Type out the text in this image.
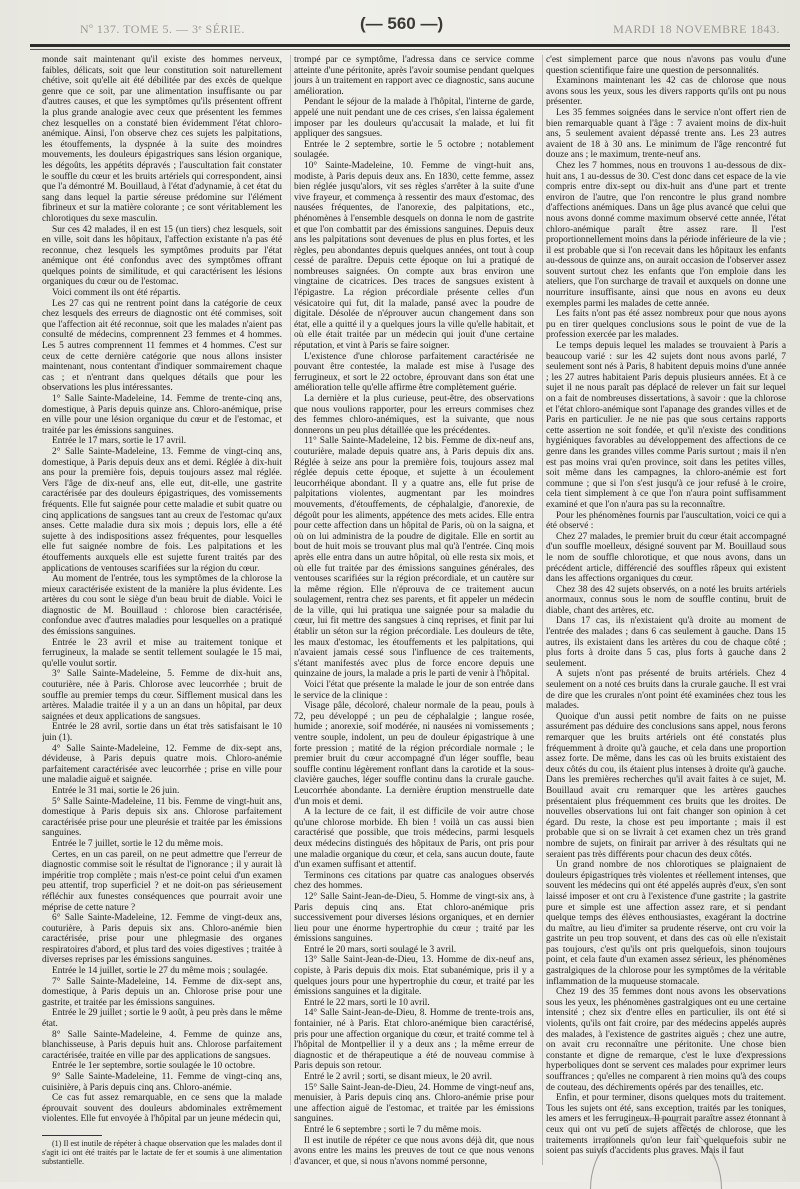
Nº 137. TOME 5. — 3ᵉ SÉRIE.	(— 560 —)	MARDI 18 NOVEMBRE 1843.

monde sait maintenant qu'il existe des hommes nerveux, faibles, délicats, soit que leur constitution soit naturellement chétive, soit qu'elle ait été débilitée par des excès de quelque genre que ce soit, par une alimentation insuffisante ou par d'autres causes, et que les symptômes qu'ils présentent offrent la plus grande analogie avec ceux que présentent les femmes chez lesquelles on a constaté bien évidemment l'état chloro-anémique. Ainsi, l'on observe chez ces sujets les palpitations, les étouffements, la dyspnée à la suite des moindres mouvements, les douleurs épigastriques sans lésion organique, les dégoûts, les appétits dépravés ; l'auscultation fait constater le souffle du cœur et les bruits artériels qui correspondent, ainsi que l'a démontré M. Bouillaud, à l'état d'adynamie, à cet état du sang dans lequel la partie séreuse prédomine sur l'élément fibrineux et sur la matière colorante ; ce sont véritablement les chlorotiques du sexe masculin.

Sur ces 42 malades, il en est 15 (un tiers) chez lesquels, soit en ville, soit dans les hôpitaux, l'affection existante n'a pas été reconnue, chez lesquels les symptômes produits par l'état anémique ont été confondus avec des symptômes offrant quelques points de similitude, et qui caractérisent les lésions organiques du cœur ou de l'estomac.

Voici comment ils ont été répartis.

Les 27 cas qui ne rentrent point dans la catégorie de ceux chez lesquels des erreurs de diagnostic ont été commises, soit que l'affection ait été reconnue, soit que les malades n'aient pas consulté de médecins, comprennent 23 femmes et 4 hommes. Les 5 autres comprennent 11 femmes et 4 hommes. C'est sur ceux de cette dernière catégorie que nous allons insister maintenant, nous contentant d'indiquer sommairement chaque cas ; et n'entrant dans quelques détails que pour les observations les plus intéressantes.

1° Salle Sainte-Madeleine, 14. Femme de trente-cinq ans, domestique, à Paris depuis quinze ans. Chloro-anémique, prise en ville pour une lésion organique du cœur et de l'estomac, et traitée par les émissions sanguines.

Entrée le 17 mars, sortie le 17 avril.

2° Salle Sainte-Madeleine, 13. Femme de vingt-cinq ans, domestique, à Paris depuis deux ans et demi. Réglée à dix-huit ans pour la première fois, depuis toujours assez mal réglée. Vers l'âge de dix-neuf ans, elle eut, dit-elle, une gastrite caractérisée par des douleurs épigastriques, des vomissements fréquents. Elle fut saignée pour cette maladie et subit quatre ou cinq applications de sangsues tant au creux de l'estomac qu'aux anses. Cette maladie dura six mois ; depuis lors, elle a été sujette à des indispositions assez fréquentes, pour lesquelles elle fut saignée nombre de fois. Les palpitations et les étouffements auxquels elle est sujette furent traités par des applications de ventouses scarifiées sur la région du cœur.

Au moment de l'entrée, tous les symptômes de la chlorose la mieux caractérisée existent de la manière la plus évidente. Les artères du cou sont le siège d'un beau bruit de diable. Voici le diagnostic de M. Bouillaud : chlorose bien caractérisée, confondue avec d'autres maladies pour lesquelles on a pratiqué des émissions sanguines.

Entrée le 23 avril et mise au traitement tonique et ferrugineux, la malade se sentit tellement soulagée le 15 mai, qu'elle voulut sortir.

3° Salle Sainte-Madeleine, 5. Femme de dix-huit ans, couturière, née à Paris. Chlorose avec leucorrhée ; bruit de souffle au premier temps du cœur. Sifflement musical dans les artères. Maladie traitée il y a un an dans un hôpital, par deux saignées et deux applications de sangsues.

Entrée le 28 avril, sortie dans un état très satisfaisant le 10 juin (1).

4° Salle Sainte-Madeleine, 12. Femme de dix-sept ans, dévideuse, à Paris depuis quatre mois. Chloro-anémie parfaitement caractérisée avec leucorrhée ; prise en ville pour une maladie aiguë et saignée.

Entrée le 31 mai, sortie le 26 juin.

5° Salle Sainte-Madeleine, 11 bis. Femme de vingt-huit ans, domestique à Paris depuis six ans. Chlorose parfaitement caractérisée prise pour une pleurésie et traitée par les émissions sanguines.

Entrée le 7 juillet, sortie le 12 du même mois.

Certes, en un cas pareil, on ne peut admettre que l'erreur de diagnostic commise soit le résultat de l'ignorance ; il y aurait là impéritie trop complète ; mais n'est-ce point celui d'un examen peu attentif, trop superficiel ? et ne doit-on pas sérieusement réfléchir aux funestes conséquences que pourrait avoir une méprise de cette nature ?

6° Salle Sainte-Madeleine, 12. Femme de vingt-deux ans, couturière, à Paris depuis six ans. Chloro-anémie bien caractérisée, prise pour une phlegmasie des organes respiratoires d'abord, et plus tard des voies digestives ; traitée à diverses reprises par les émissions sanguines.

Entrée le 14 juillet, sortie le 27 du même mois ; soulagée.

7° Salle Sainte-Madeleine, 14. Femme de dix-sept ans, domestique, à Paris depuis un an. Chlorose prise pour une gastrite, et traitée par les émissions sanguines.

Entrée le 29 juillet ; sortie le 9 août, à peu près dans le même état.

8° Salle Sainte-Madeleine, 4. Femme de quinze ans, blanchisseuse, à Paris depuis huit ans. Chlorose parfaitement caractérisée, traitée en ville par des applications de sangsues.

Entrée le 1er septembre, sortie soulagée le 10 octobre.

9° Salle Sainte-Madeleine, 11. Femme de vingt-cinq ans, cuisinière, à Paris depuis cinq ans. Chloro-anémie.

Ce cas fut assez remarquable, en ce sens que la malade éprouvait souvent des douleurs abdominales extrêmement violentes. Elle fut envoyée à l'hôpital par un jeune médecin qui,

(1) Il est inutile de répéter à chaque observation que les malades dont il s'agit ici ont été traités par le lactate de fer et soumis à une alimentation substantielle.

trompé par ce symptôme, l'adressa dans ce service comme atteinte d'une péritonite, après l'avoir soumise pendant quelques jours à un traitement en rapport avec ce diagnostic, sans aucune amélioration.

Pendant le séjour de la malade à l'hôpital, l'interne de garde, appelé une nuit pendant une de ces crises, s'en laissa également imposer par les douleurs qu'accusait la malade, et lui fit appliquer des sangsues.

Entrée le 2 septembre, sortie le 5 octobre ; notablement soulagée.

10° Sainte-Madeleine, 10. Femme de vingt-huit ans, modiste, à Paris depuis deux ans. En 1830, cette femme, assez bien réglée jusqu'alors, vit ses règles s'arrêter à la suite d'une vive frayeur, et commença à ressentir des maux d'estomac, des nausées fréquentes, de l'anorexie, des palpitations, etc., phénomènes à l'ensemble desquels on donna le nom de gastrite et que l'on combattit par des émissions sanguines. Depuis deux ans les palpitations sont devenues de plus en plus fortes, et les règles, peu abondantes depuis quelques années, ont tout à coup cessé de paraître. Depuis cette époque on lui a pratiqué de nombreuses saignées. On compte aux bras environ une vingtaine de cicatrices. Des traces de sangsues existent à l'épigastre. La région précordiale présente celles d'un vésicatoire qui fut, dit la malade, pansé avec la poudre de digitale. Désolée de n'éprouver aucun changement dans son état, elle a quitté il y a quelques jours la ville qu'elle habitait, et où elle était traitée par un médecin qui jouit d'une certaine réputation, et vint à Paris se faire soigner.

L'existence d'une chlorose parfaitement caractérisée ne pouvant être contestée, la malade est mise à l'usage des ferrugineux, et sort le 22 octobre, éprouvant dans son état une amélioration telle qu'elle affirme être complètement guérie.

La dernière et la plus curieuse, peut-être, des observations que nous voulions rapporter, pour les erreurs commises chez des femmes chloro-anémiques, est la suivante, que nous donnerons un peu plus détaillée que les précédentes.

11° Salle Sainte-Madeleine, 12 bis. Femme de dix-neuf ans, couturière, malade depuis quatre ans, à Paris depuis dix ans. Réglée à seize ans pour la première fois, toujours assez mal réglée depuis cette époque, et sujette à un écoulement leucorrhéique abondant. Il y a quatre ans, elle fut prise de palpitations violentes, augmentant par les moindres mouvements, d'étouffements, de céphalalgie, d'anorexie, de dégoût pour les aliments, appétence des mets acides. Elle entra pour cette affection dans un hôpital de Paris, où on la saigna, et où on lui administra de la poudre de digitale. Elle en sortit au bout de huit mois se trouvant plus mal qu'à l'entrée. Cinq mois après elle entra dans un autre hôpital, où elle resta six mois, et où elle fut traitée par des émissions sanguines générales, des ventouses scarifiées sur la région précordiale, et un cautère sur la même région. Elle n'éprouva de ce traitement aucun soulagement, rentra chez ses parents, et fit appeler un médecin de la ville, qui lui pratiqua une saignée pour sa maladie du cœur, lui fit mettre des sangsues à cinq reprises, et finit par lui établir un séton sur la région précordiale. Les douleurs de tête, les maux d'estomac, les étouffements et les palpitations, qui n'avaient jamais cessé sous l'influence de ces traitements, s'étant manifestés avec plus de force encore depuis une quinzaine de jours, la malade a pris le parti de venir à l'hôpital.

Voici l'état que présente la malade le jour de son entrée dans le service de la clinique :

Visage pâle, décoloré, chaleur normale de la peau, pouls à 72, peu développé ; un peu de céphalalgie ; langue rosée, humide ; anorexie, soif modérée, ni nausées ni vomissements ; ventre souple, indolent, un peu de douleur épigastrique à une forte pression ; matité de la région précordiale normale ; le premier bruit du cœur accompagné d'un léger souffle, beau souffle continu légèrement ronflant dans la carotide et la sous-clavière gauches, léger souffle continu dans la crurale gauche. Leucorrhée abondante. La dernière éruption menstruelle date d'un mois et demi.

A la lecture de ce fait, il est difficile de voir autre chose qu'une chlorose morbide. Eh bien ! voilà un cas aussi bien caractérisé que possible, que trois médecins, parmi lesquels deux médecins distingués des hôpitaux de Paris, ont pris pour une maladie organique du cœur, et cela, sans aucun doute, faute d'un examen suffisant et attentif.

Terminons ces citations par quatre cas analogues observés chez des hommes.

12° Salle Saint-Jean-de-Dieu, 5. Homme de vingt-six ans, à Paris depuis cinq ans. Etat chloro-anémique pris successivement pour diverses lésions organiques, et en dernier lieu pour une énorme hypertrophie du cœur ; traité par les émissions sanguines.

Entré le 20 mars, sorti soulagé le 3 avril.

13° Salle Saint-Jean-de-Dieu, 13. Homme de dix-neuf ans, copiste, à Paris depuis dix mois. Etat subanémique, pris il y a quelques jours pour une hypertrophie du cœur, et traité par les émissions sanguines et la digitale.

Entré le 22 mars, sorti le 10 avril.

14° Salle Saint-Jean-de-Dieu, 8. Homme de trente-trois ans, fontainier, né à Paris. Etat chloro-anémique bien caractérisé, pris pour une affection organique du cœur, et traité comme tel à l'hôpital de Montpellier il y a deux ans ; la même erreur de diagnostic et de thérapeutique a été de nouveau commise à Paris depuis son retour.

Entré le 2 avril ; sorti, se disant mieux, le 20 avril.

15° Salle Saint-Jean-de-Dieu, 24. Homme de vingt-neuf ans, menuisier, à Paris depuis cinq ans. Chloro-anémie prise pour une affection aiguë de l'estomac, et traitée par les émissions sanguines.

Entré le 6 septembre ; sorti le 7 du même mois.

Il est inutile de répéter ce que nous avons déjà dit, que nous avons entre les mains les preuves de tout ce que nous venons d'avancer, et que, si nous n'avons nommé personne,

c'est simplement parce que nous n'avons pas voulu d'une question scientifique faire une question de personnalités.

Examinons maintenant les 42 cas de chlorose que nous avons sous les yeux, sous les divers rapports qu'ils ont pu nous présenter.

Les 35 femmes soignées dans le service n'ont offert rien de bien remarquable quant à l'âge : 7 avaient moins de dix-huit ans, 5 seulement avaient dépassé trente ans. Les 23 autres avaient de 18 à 30 ans. Le minimum de l'âge rencontré fut douze ans ; le maximum, trente-neuf ans.

Chez les 7 hommes, nous en trouvons 1 au-dessous de dix-huit ans, 1 au-dessus de 30. C'est donc dans cet espace de la vie compris entre dix-sept ou dix-huit ans d'une part et trente environ de l'autre, que l'on rencontre le plus grand nombre d'affections anémiques. Dans un âge plus avancé que celui que nous avons donné comme maximum observé cette année, l'état chloro-anémique paraît être assez rare. Il l'est proportionnellement moins dans la période inférieure de la vie ; il est probable que si l'on recevait dans les hôpitaux les enfants au-dessous de quinze ans, on aurait occasion de l'observer assez souvent surtout chez les enfants que l'on emploie dans les ateliers, que l'on surcharge de travail et auxquels on donne une nourriture insuffisante, ainsi que nous en avons eu deux exemples parmi les malades de cette année.

Les faits n'ont pas été assez nombreux pour que nous ayons pu en tirer quelques conclusions sous le point de vue de la profession exercée par les malades.

Le temps depuis lequel les malades se trouvaient à Paris a beaucoup varié : sur les 42 sujets dont nous avons parlé, 7 seulement sont nés à Paris, 8 habitent depuis moins d'une année ; les 27 autres habitaient Paris depuis plusieurs années. Et à ce sujet il ne nous paraît pas déplacé de relever un fait sur lequel on a fait de nombreuses dissertations, à savoir : que la chlorose et l'état chloro-anémique sont l'apanage des grandes villes et de Paris en particulier. Je ne nie pas que sous certains rapports cette assertion ne soit fondée, et qu'il n'existe des conditions hygiéniques favorables au développement des affections de ce genre dans les grandes villes comme Paris surtout ; mais il n'en est pas moins vrai qu'en province, soit dans les petites villes, soit même dans les campagnes, la chloro-anémie est fort commune ; que si l'on s'est jusqu'à ce jour refusé à le croire, cela tient simplement à ce que l'on n'aura point suffisamment examiné et que l'on n'aura pas su la reconnaître.

Pour les phénomènes fournis par l'auscultation, voici ce qui a été observé :

Chez 27 malades, le premier bruit du cœur était accompagné d'un souffle moelleux, désigné souvent par M. Bouillaud sous le nom de souffle chlorotique, et que nous avons, dans un précédent article, différencié des souffles râpeux qui existent dans les affections organiques du cœur.

Chez 38 des 42 sujets observés, on a noté les bruits artériels anormaux, connus sous le nom de souffle continu, bruit de diable, chant des artères, etc.

Dans 17 cas, ils n'existaient qu'à droite au moment de l'entrée des malades ; dans 6 cas seulement à gauche. Dans 15 autres, ils existaient dans les artères du cou de chaque côté ; plus forts à droite dans 5 cas, plus forts à gauche dans 2 seulement.

A sujets n'ont pas présenté de bruits artériels. Chez 4 seulement on a noté ces bruits dans la crurale gauche. Il est vrai de dire que les crurales n'ont point été examinées chez tous les malades.

Quoique d'un aussi petit nombre de faits on ne puisse assurément pas déduire des conclusions sans appel, nous ferons remarquer que les bruits artériels ont été constatés plus fréquemment à droite qu'à gauche, et cela dans une proportion assez forte. De même, dans les cas où les bruits existaient des deux côtés du cou, ils étaient plus intenses à droite qu'à gauche. Dans les premières recherches qu'il avait faites à ce sujet, M. Bouillaud avait cru remarquer que les artères gauches présentaient plus fréquemment ces bruits que les droites. De nouvelles observations lui ont fait changer son opinion à cet égard. Du reste, la chose est peu importante ; mais il est probable que si on se livrait à cet examen chez un très grand nombre de sujets, on finirait par arriver à des résultats qui ne seraient pas très différents pour chacun des deux côtés.

Un grand nombre de nos chlorotiques se plaignaient de douleurs épigastriques très violentes et réellement intenses, que souvent les médecins qui ont été appelés auprès d'eux, s'en sont laissé imposer et ont cru à l'existence d'une gastrite ; la gastrite pure et simple est une affection assez rare, et si pendant quelque temps des élèves enthousiastes, exagérant la doctrine du maître, au lieu d'imiter sa prudente réserve, ont cru voir la gastrite un peu trop souvent, et dans des cas où elle n'existait pas toujours, c'est qu'ils ont pris quelquefois, sinon toujours point, et cela faute d'un examen assez sérieux, les phénomènes gastralgiques de la chlorose pour les symptômes de la véritable inflammation de la muqueuse stomacale.

Chez 19 des 35 femmes dont nous avons les observations sous les yeux, les phénomènes gastralgiques ont eu une certaine intensité ; chez six d'entre elles en particulier, ils ont été si violents, qu'ils ont fait croire, par des médecins appelés auprès des malades, à l'existence de gastrites aiguës ; chez une autre, on avait cru reconnaître une péritonite. Une chose bien constante et digne de remarque, c'est le luxe d'expressions hyperboliques dont se servent ces malades pour exprimer leurs souffrances ; qu'elles ne comparent à rien moins qu'à des coups de couteau, des déchirements opérés par des tenailles, etc.

Enfin, et pour terminer, disons quelques mots du traitement. Tous les sujets ont été, sans exception, traités par les toniques, les amers et les ferrugineux. Il pourrait paraître assez étonnant à ceux qui ont vu peu de sujets affectés de chlorose, que les traitements irrationnels qu'on leur fait quelquefois subir ne soient pas suivis d'accidents plus graves. Mais il faut
